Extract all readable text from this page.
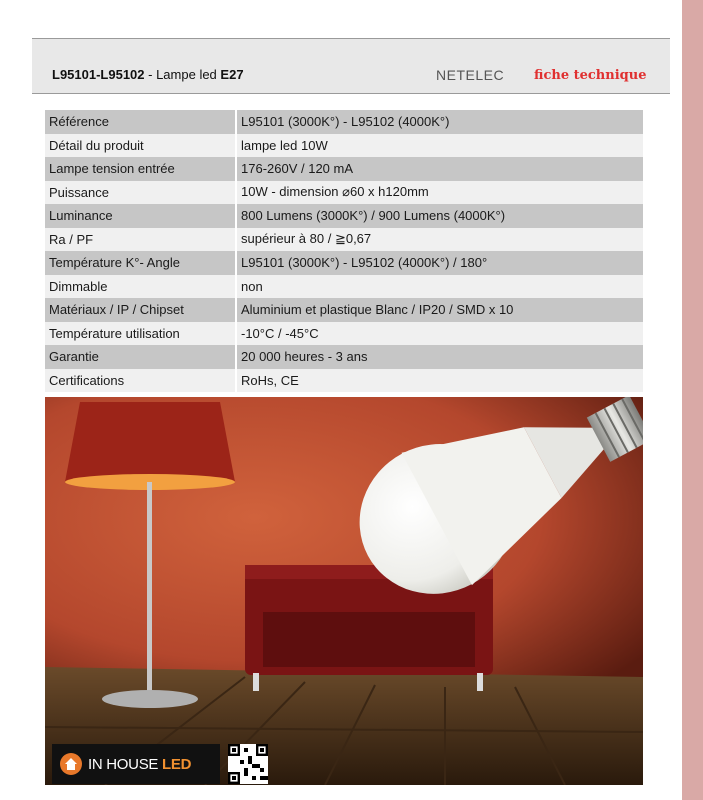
L95101-L95102 - Lampe led E27	NETELEC fiche technique
Référence	L95101 (3000K°) - L95102 (4000K°)
Détail du produit	lampe led 10W
Lampe tension entrée	176-260V / 120 mA
Puissance	10W - dimension ⌀60 x h120mm
Luminance	800 Lumens (3000K°) / 900 Lumens (4000K°)
Ra / PF	supérieur à 80 / ≧0,67
Température K°- Angle	L95101 (3000K°) - L95102 (4000K°) / 180°
Dimmable	non
Matériaux / IP / Chipset	Aluminium et plastique Blanc / IP20 / SMD x 10
Température utilisation	-10°C / -45°C
Garantie	20 000 heures - 3 ans
Certifications	RoHs, CE
IN HOUSE LED
